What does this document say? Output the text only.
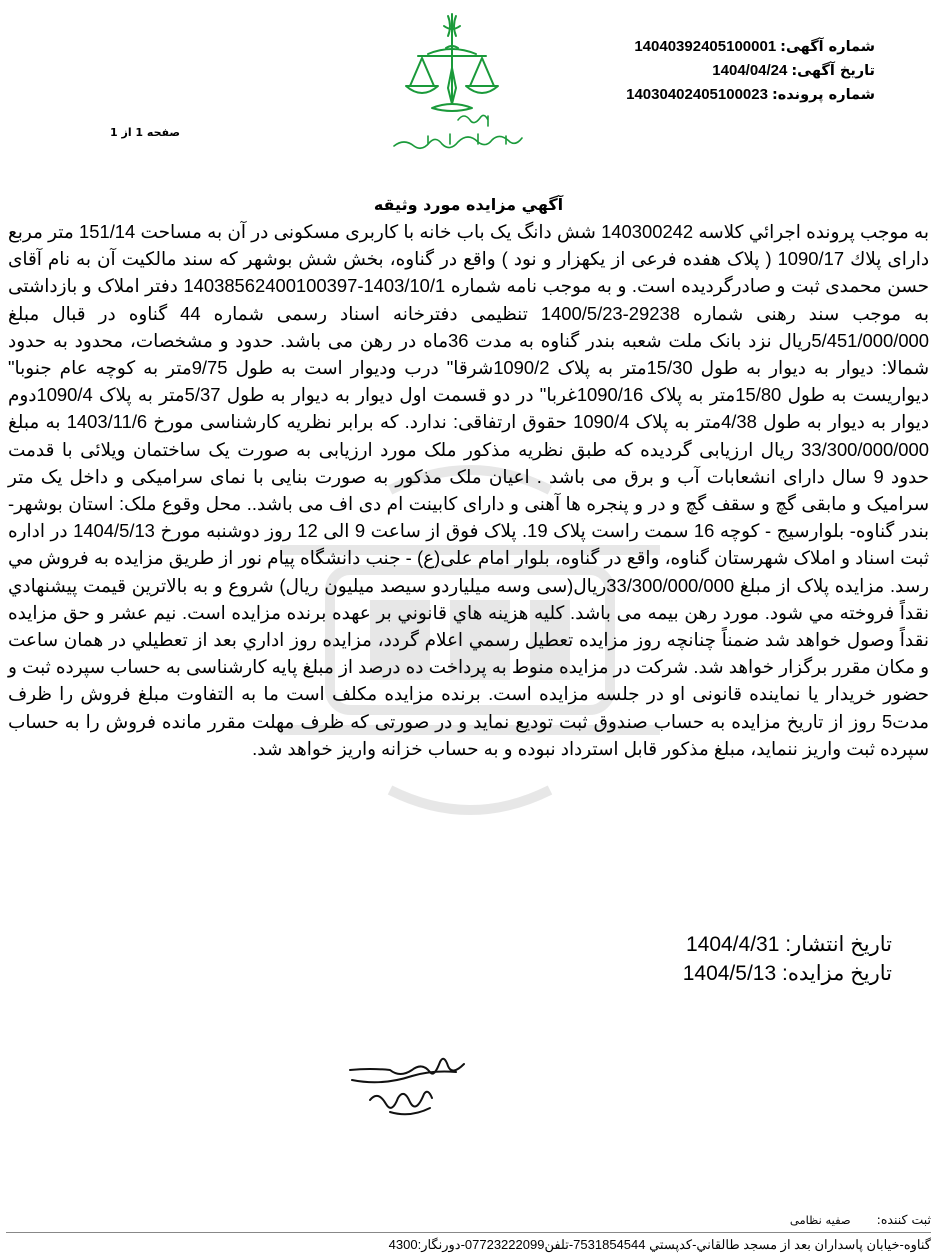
شماره آگهی:
14040392405100001
تاریخ آگهی:
1404/04/24
شماره پرونده:
14030402405100023
صفحه 1 از 1
آگهي مزايده مورد وثيقه
به موجب پرونده اجرائي كلاسه 140300242 شش دانگ یک باب خانه با کاربری مسکونی در آن به مساحت 151/14 متر مربع دارای پلاك 1090/17 ( پلاک هفده فرعی از یکهزار و نود ) واقع در گناوه، بخش شش بوشهر که سند مالکیت آن به نام آقای حسن محمدی ثبت و صادرگردیده است. و به موجب نامه شماره 1403/10/1-14038562400100397 دفتر املاک و بازداشتی به موجب سند رهنی شماره 29238-1400/5/23 تنظیمی دفترخانه اسناد رسمی شماره 44 گناوه در قبال مبلغ 5/451/000/000ریال نزد بانک ملت شعبه بندر گناوه به مدت 36ماه در رهن می باشد. حدود و مشخصات، محدود به حدود شمالا: دیوار به دیوار به طول 15/30متر به پلاک 1090/2شرقا" درب ودیوار است به طول 9/75متر به کوچه عام جنوبا" دیواریست به طول 15/80متر به پلاک 1090/16غربا" در دو قسمت اول دیوار به دیوار به طول 5/37متر به پلاک 1090/4دوم دیوار به دیوار به طول 4/38متر به پلاک 1090/4 حقوق ارتفاقی: ندارد. که برابر نظریه کارشناسی مورخ 1403/11/6 به مبلغ 33/300/000/000 ريال ارزيابى گرديده كه طبق نظريه مذكور ملک مورد ارزيابى به صورت يک ساختمان ويلائی با قدمت حدود 9 سال دارای انشعابات آب و برق می باشد . اعیان ملک مذکور به صورت بنایی با نمای سرامیکی و داخل یک متر سرامیک و مابقی گچ و سقف گچ و در و پنجره ها آهنی و دارای کابینت ام دی اف می باشد.. محل وقوع ملک: استان بوشهر- بندر گناوه- بلوارسیج - کوچه 16 سمت راست پلاک 19. پلاک فوق از ساعت 9 الی 12 روز دوشنبه مورخ 1404/5/13 در اداره ثبت اسناد و املاک شهرستان گناوه، واقع در گناوه، بلوار امام علی(ع) - جنب دانشگاه پیام نور از طریق مزایده به فروش مي رسد. مزایده پلاک از مبلغ 33/300/000/000ريال(سی وسه میلیاردو سیصد میلیون ریال) شروع و به بالاترین قیمت پیشنهادي نقداً فروخته مي شود. مورد رهن بیمه می باشد. کلیه هزینه هاي قانوني بر عهده برنده مزایده است. نیم عشر و حق مزایده نقداً وصول خواهد شد ضمناً چنانچه روز مزایده تعطیل رسمي اعلام گردد، مزایده روز اداري بعد از تعطیلي در همان ساعت و مکان مقرر برگزار خواهد شد. شرکت در مزایده منوط به پرداخت ده درصد از مبلغ پایه کارشناسی به حساب سپرده ثبت و حضور خریدار یا نماینده قانونی او در جلسه مزایده است. برنده مزایده مکلف است ما به التفاوت مبلغ فروش را ظرف مدت5 روز از تاریخ مزایده به حساب صندوق ثبت تودیع نماید و در صورتی که ظرف مهلت مقرر مانده فروش را به حساب سپرده ثبت واریز ننماید، مبلغ مذکور قابل استرداد نبوده و به حساب خزانه واریز خواهد شد.
تاریخ انتشار: 1404/4/31
تاریخ مزایده: 1404/5/13
ثبت کننده:
صفیه نظامی
گناوه-خيابان پاسداران بعد از مسجد طالقاني-كدپستي 7531854544-تلفن07723222099-دورنگار:4300
